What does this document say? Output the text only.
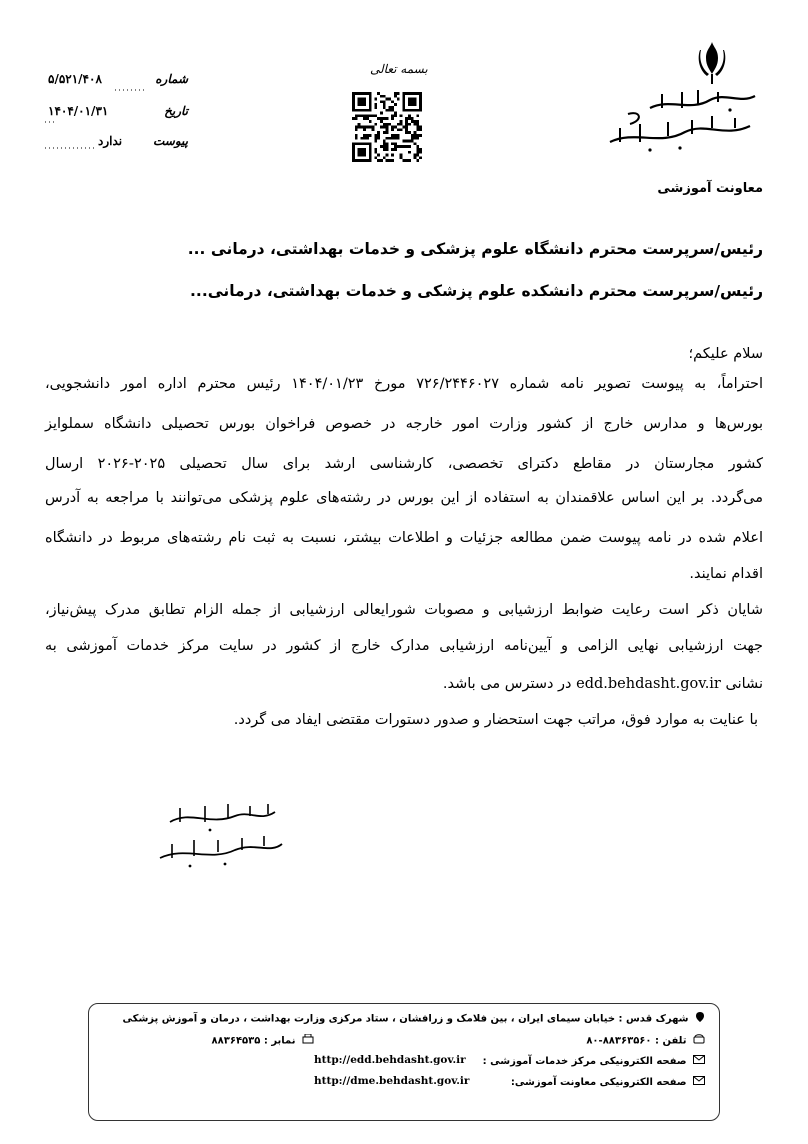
شماره
۵/۵۲۱/۴۰۸
تاریخ
۱۴۰۴/۰۱/۳۱
پیوست
ندارد
بسمه تعالی
معاونت آموزشی
رئیس/سرپرست محترم دانشگاه علوم پزشکی و خدمات بهداشتی، درمانی ...
رئیس/سرپرست محترم دانشکده علوم پزشکی و خدمات بهداشتی، درمانی...
سلام علیکم؛
احتراماً، به پیوست تصویر نامه شماره ۷۲۶/۲۴۴۶۰۲۷ مورخ ۱۴۰۴/۰۱/۲۳ رئیس محترم اداره امور دانشجویی،
بورس‌ها و مدارس خارج از کشور وزارت امور خارجه در خصوص فراخوان بورس تحصیلی دانشگاه سملوایز
کشور مجارستان در مقاطع دکترای تخصصی، کارشناسی ارشد برای سال تحصیلی ۲۰۲۵-۲۰۲۶ ارسال
می‌گردد. بر این اساس علاقمندان به استفاده از این بورس در رشته‌های علوم پزشکی می‌توانند با مراجعه به آدرس
اعلام شده در نامه پیوست ضمن مطالعه جزئیات و اطلاعات بیشتر، نسبت به ثبت نام رشته‌های مربوط در دانشگاه
اقدام نمایند.
شایان ذکر است رعایت ضوابط ارزشیابی و مصوبات شورایعالی ارزشیابی از جمله الزام تطابق مدرک پیش‌نیاز،
جهت ارزشیابی نهایی الزامی و آیین‌نامه ارزشیابی مدارک خارج از کشور در سایت مرکز خدمات آموزشی به
نشانی edd.behdasht.gov.ir در دسترس می باشد.
با عنایت به موارد فوق، مراتب جهت استحضار و صدور دستورات مقتضی ایفاد می گردد.
شهرک قدس : خیابان سیمای ایران ، بین فلامک و زرافشان ، ستاد مرکزی وزارت بهداشت ، درمان و آموزش پزشکی
تلفن : ۸۸۳۶۳۵۶۰-۸۰
نمابر : ۸۸۳۶۴۵۳۵
صفحه الکترونیکی مرکز خدمات آموزشی :
http://edd.behdasht.gov.ir
صفحه الکترونیکی معاونت آموزشی:
http://dme.behdasht.gov.ir
